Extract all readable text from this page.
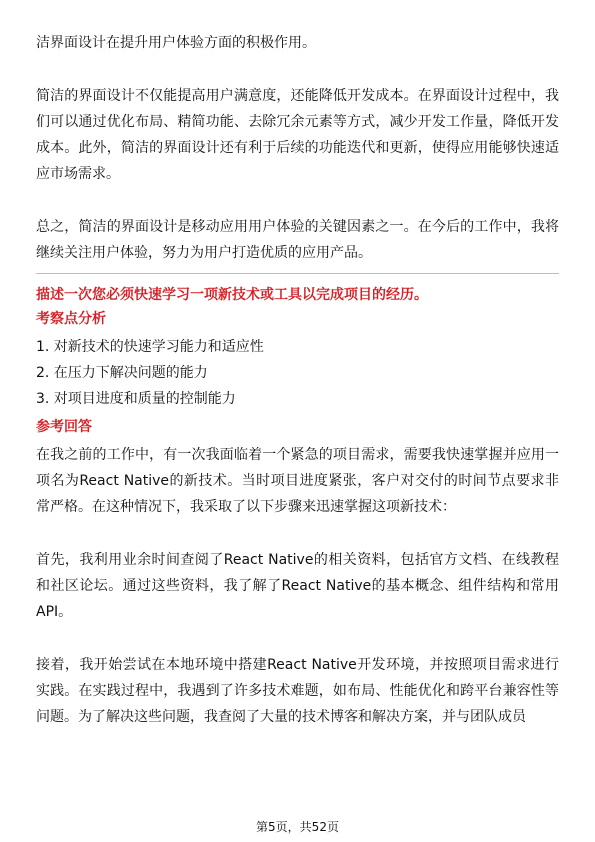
洁界面设计在提升用户体验方面的积极作用。

简洁的界面设计不仅能提高用户满意度，还能降低开发成本。在界面设计过程中，我们可以通过优化布局、精简功能、去除冗余元素等方式，减少开发工作量，降低开发成本。此外，简洁的界面设计还有利于后续的功能迭代和更新，使得应用能够快速适应市场需求。

总之，简洁的界面设计是移动应用用户体验的关键因素之一。在今后的工作中，我将继续关注用户体验，努力为用户打造优质的应用产品。

描述一次您必须快速学习一项新技术或工具以完成项目的经历。

考察点分析

1. 对新技术的快速学习能力和适应性
2. 在压力下解决问题的能力
3. 对项目进度和质量的控制能力

参考回答

在我之前的工作中，有一次我面临着一个紧急的项目需求，需要我快速掌握并应用一项名为React Native的新技术。当时项目进度紧张，客户对交付的时间节点要求非常严格。在这种情况下，我采取了以下步骤来迅速掌握这项新技术：

首先，我利用业余时间查阅了React Native的相关资料，包括官方文档、在线教程和社区论坛。通过这些资料，我了解了React Native的基本概念、组件结构和常用API。

接着，我开始尝试在本地环境中搭建React Native开发环境，并按照项目需求进行实践。在实践过程中，我遇到了许多技术难题，如布局、性能优化和跨平台兼容性等问题。为了解决这些问题，我查阅了大量的技术博客和解决方案，并与团队成员

第5页，共52页
